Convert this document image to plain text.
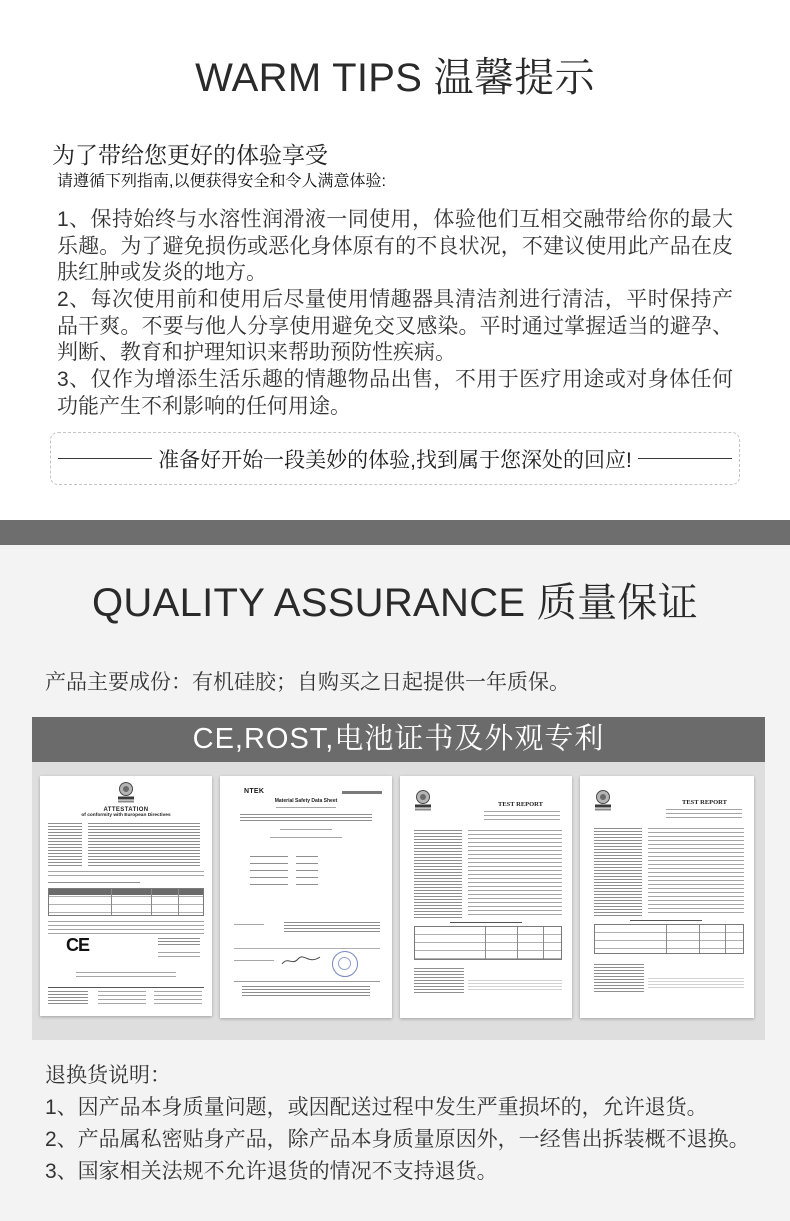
WARM TIPS 温馨提示
为了带给您更好的体验享受
请遵循下列指南,以便获得安全和令人满意体验:
1、保持始终与水溶性润滑液一同使用，体验他们互相交融带给你的最大
乐趣。为了避免损伤或恶化身体原有的不良状况，不建议使用此产品在皮
肤红肿或发炎的地方。
2、每次使用前和使用后尽量使用情趣器具清洁剂进行清洁，平时保持产
品干爽。不要与他人分享使用避免交叉感染。平时通过掌握适当的避孕、
判断、教育和护理知识来帮助预防性疾病。
3、仅作为增添生活乐趣的情趣物品出售，不用于医疗用途或对身体任何
功能产生不利影响的任何用途。
准备好开始一段美妙的体验,找到属于您深处的回应!
QUALITY ASSURANCE 质量保证
产品主要成份：有机硅胶；自购买之日起提供一年质保。
CE,ROST,电池证书及外观专利
ATTESTATION
of conformity with European Directives
CE
NTEK
Material Safety Data Sheet	TEST REPORT	TEST REPORT
退换货说明：
1、因产品本身质量问题，或因配送过程中发生严重损坏的，允许退货。
2、产品属私密贴身产品，除产品本身质量原因外，一经售出拆装概不退换。
3、国家相关法规不允许退货的情况不支持退货。
